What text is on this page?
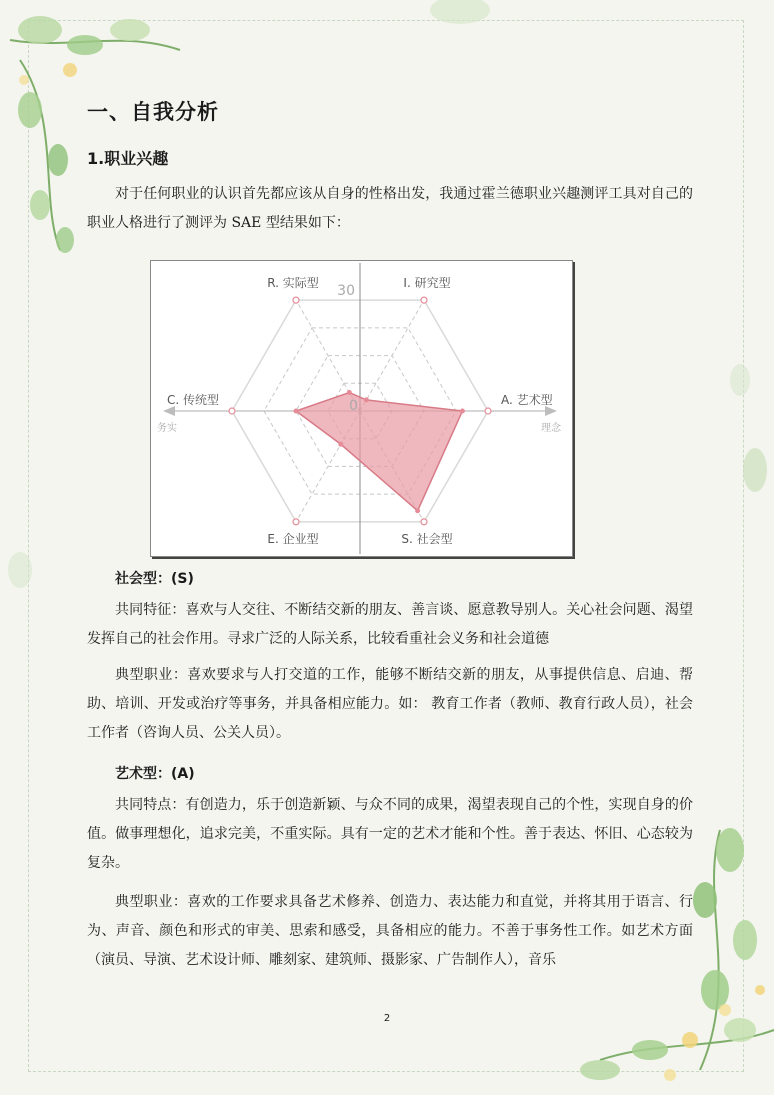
一、自我分析
1.职业兴趣
对于任何职业的认识首先都应该从自身的性格出发，我通过霍兰德职业兴趣测评工具对自己的职业人格进行了测评为 SAE 型结果如下：
R. 实际型	I. 研究型
A. 艺术型
S. 社会型
E. 企业型
C. 传统型
30
0
务实	理念
社会型：(S)
共同特征：喜欢与人交往、不断结交新的朋友、善言谈、愿意教导别人。关心社会问题、渴望发挥自己的社会作用。寻求广泛的人际关系，比较看重社会义务和社会道德
典型职业：喜欢要求与人打交道的工作，能够不断结交新的朋友，从事提供信息、启迪、帮助、培训、开发或治疗等事务，并具备相应能力。如： 教育工作者（教师、教育行政人员），社会工作者（咨询人员、公关人员）。
艺术型：(A)
共同特点：有创造力，乐于创造新颖、与众不同的成果，渴望表现自己的个性，实现自身的价值。做事理想化，追求完美，不重实际。具有一定的艺术才能和个性。善于表达、怀旧、心态较为复杂。
典型职业：喜欢的工作要求具备艺术修养、创造力、表达能力和直觉，并将其用于语言、行为、声音、颜色和形式的审美、思索和感受，具备相应的能力。不善于事务性工作。如艺术方面（演员、导演、艺术设计师、雕刻家、建筑师、摄影家、广告制作人），音乐
2
